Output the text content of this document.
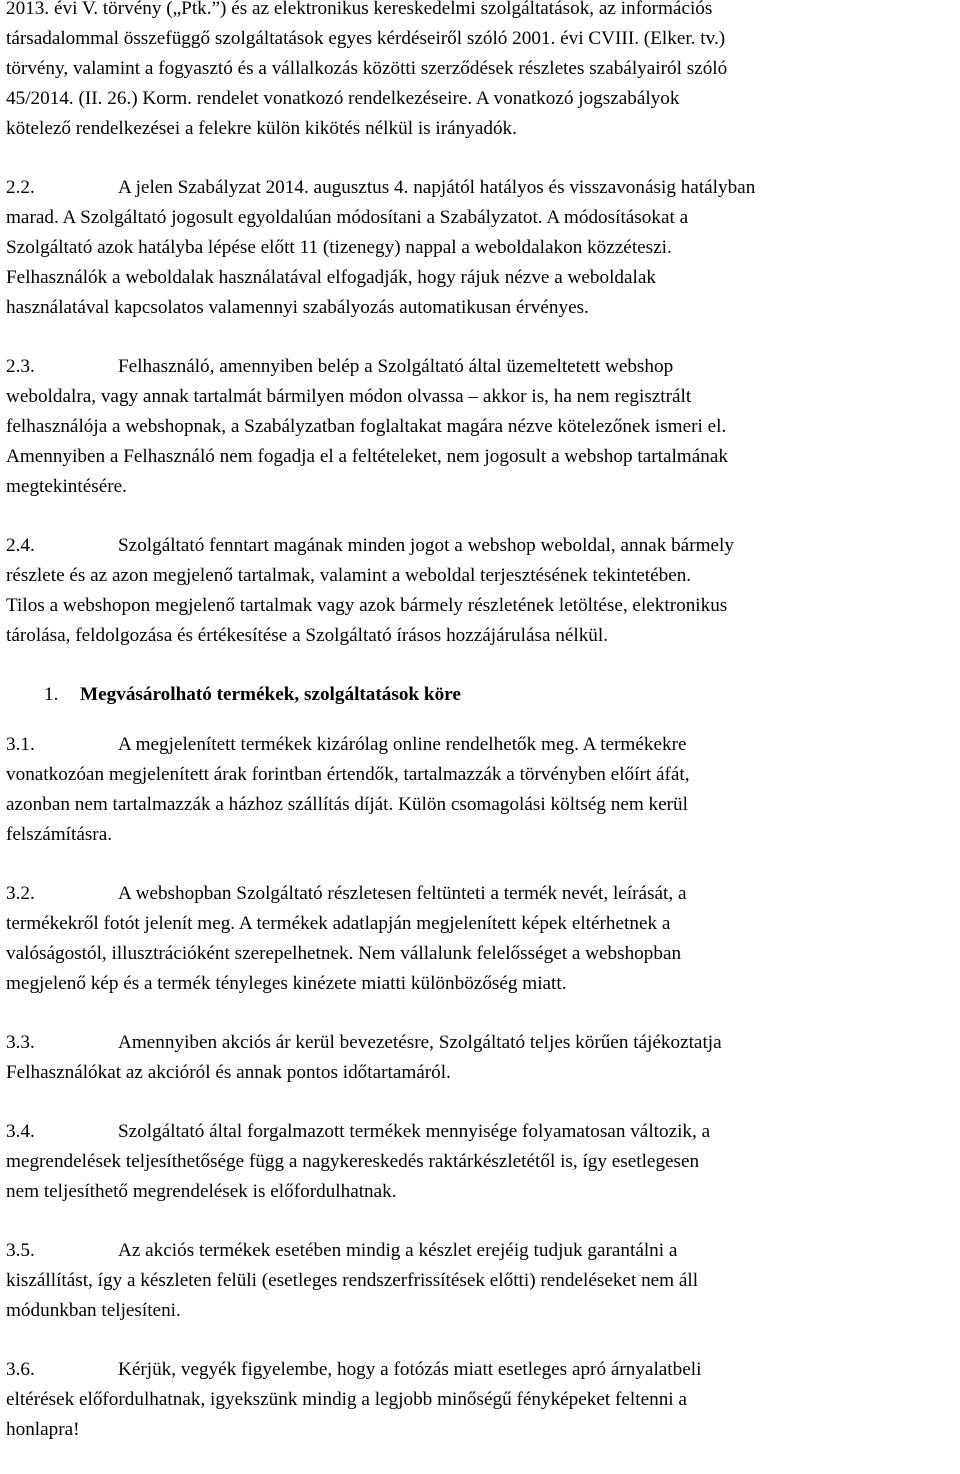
2013. évi V. törvény („Ptk.”) és az elektronikus kereskedelmi szolgáltatások, az információs
társadalommal összefüggő szolgáltatások egyes kérdéseiről szóló 2001. évi CVIII. (Elker. tv.)
törvény, valamint a fogyasztó és a vállalkozás közötti szerződések részletes szabályairól szóló
45/2014. (II. 26.) Korm. rendelet vonatkozó rendelkezéseire. A vonatkozó jogszabályok
kötelező rendelkezései a felekre külön kikötés nélkül is irányadók.
2.2.	A jelen Szabályzat 2014. augusztus 4. napjától hatályos és visszavonásig hatályban
marad. A Szolgáltató jogosult egyoldalúan módosítani a Szabályzatot. A módosításokat a
Szolgáltató azok hatályba lépése előtt 11 (tizenegy) nappal a weboldalakon közzéteszi.
Felhasználók a weboldalak használatával elfogadják, hogy rájuk nézve a weboldalak
használatával kapcsolatos valamennyi szabályozás automatikusan érvényes.
2.3.	Felhasználó, amennyiben belép a Szolgáltató által üzemeltetett webshop
weboldalra, vagy annak tartalmát bármilyen módon olvassa – akkor is, ha nem regisztrált
felhasználója a webshopnak, a Szabályzatban foglaltakat magára nézve kötelezőnek ismeri el.
Amennyiben a Felhasználó nem fogadja el a feltételeket, nem jogosult a webshop tartalmának
megtekintésére.
2.4.	Szolgáltató fenntart magának minden jogot a webshop weboldal, annak bármely
részlete és az azon megjelenő tartalmak, valamint a weboldal terjesztésének tekintetében.
Tilos a webshopon megjelenő tartalmak vagy azok bármely részletének letöltése, elektronikus
tárolása, feldolgozása és értékesítése a Szolgáltató írásos hozzájárulása nélkül.
1. Megvásárolható termékek, szolgáltatások köre
3.1.	A megjelenített termékek kizárólag online rendelhetők meg. A termékekre
vonatkozóan megjelenített árak forintban értendők, tartalmazzák a törvényben előírt áfát,
azonban nem tartalmazzák a házhoz szállítás díját. Külön csomagolási költség nem kerül
felszámításra.
3.2.	A webshopban Szolgáltató részletesen feltünteti a termék nevét, leírását, a
termékekről fotót jelenít meg. A termékek adatlapján megjelenített képek eltérhetnek a
valóságostól, illusztrációként szerepelhetnek. Nem vállalunk felelősséget a webshopban
megjelenő kép és a termék tényleges kinézete miatti különbözőség miatt.
3.3.	Amennyiben akciós ár kerül bevezetésre, Szolgáltató teljes körűen tájékoztatja
Felhasználókat az akcióról és annak pontos időtartamáról.
3.4.	Szolgáltató által forgalmazott termékek mennyisége folyamatosan változik, a
megrendelések teljesíthetősége függ a nagykereskedés raktárkészletétől is, így esetlegesen
nem teljesíthető megrendelések is előfordulhatnak.
3.5.	Az akciós termékek esetében mindig a készlet erejéig tudjuk garantálni a
kiszállítást, így a készleten felüli (esetleges rendszerfrissítések előtti) rendeléseket nem áll
módunkban teljesíteni.
3.6.	Kérjük, vegyék figyelembe, hogy a fotózás miatt esetleges apró árnyalatbeli
eltérések előfordulhatnak, igyekszünk mindig a legjobb minőségű fényképeket feltenni a
honlapra!
